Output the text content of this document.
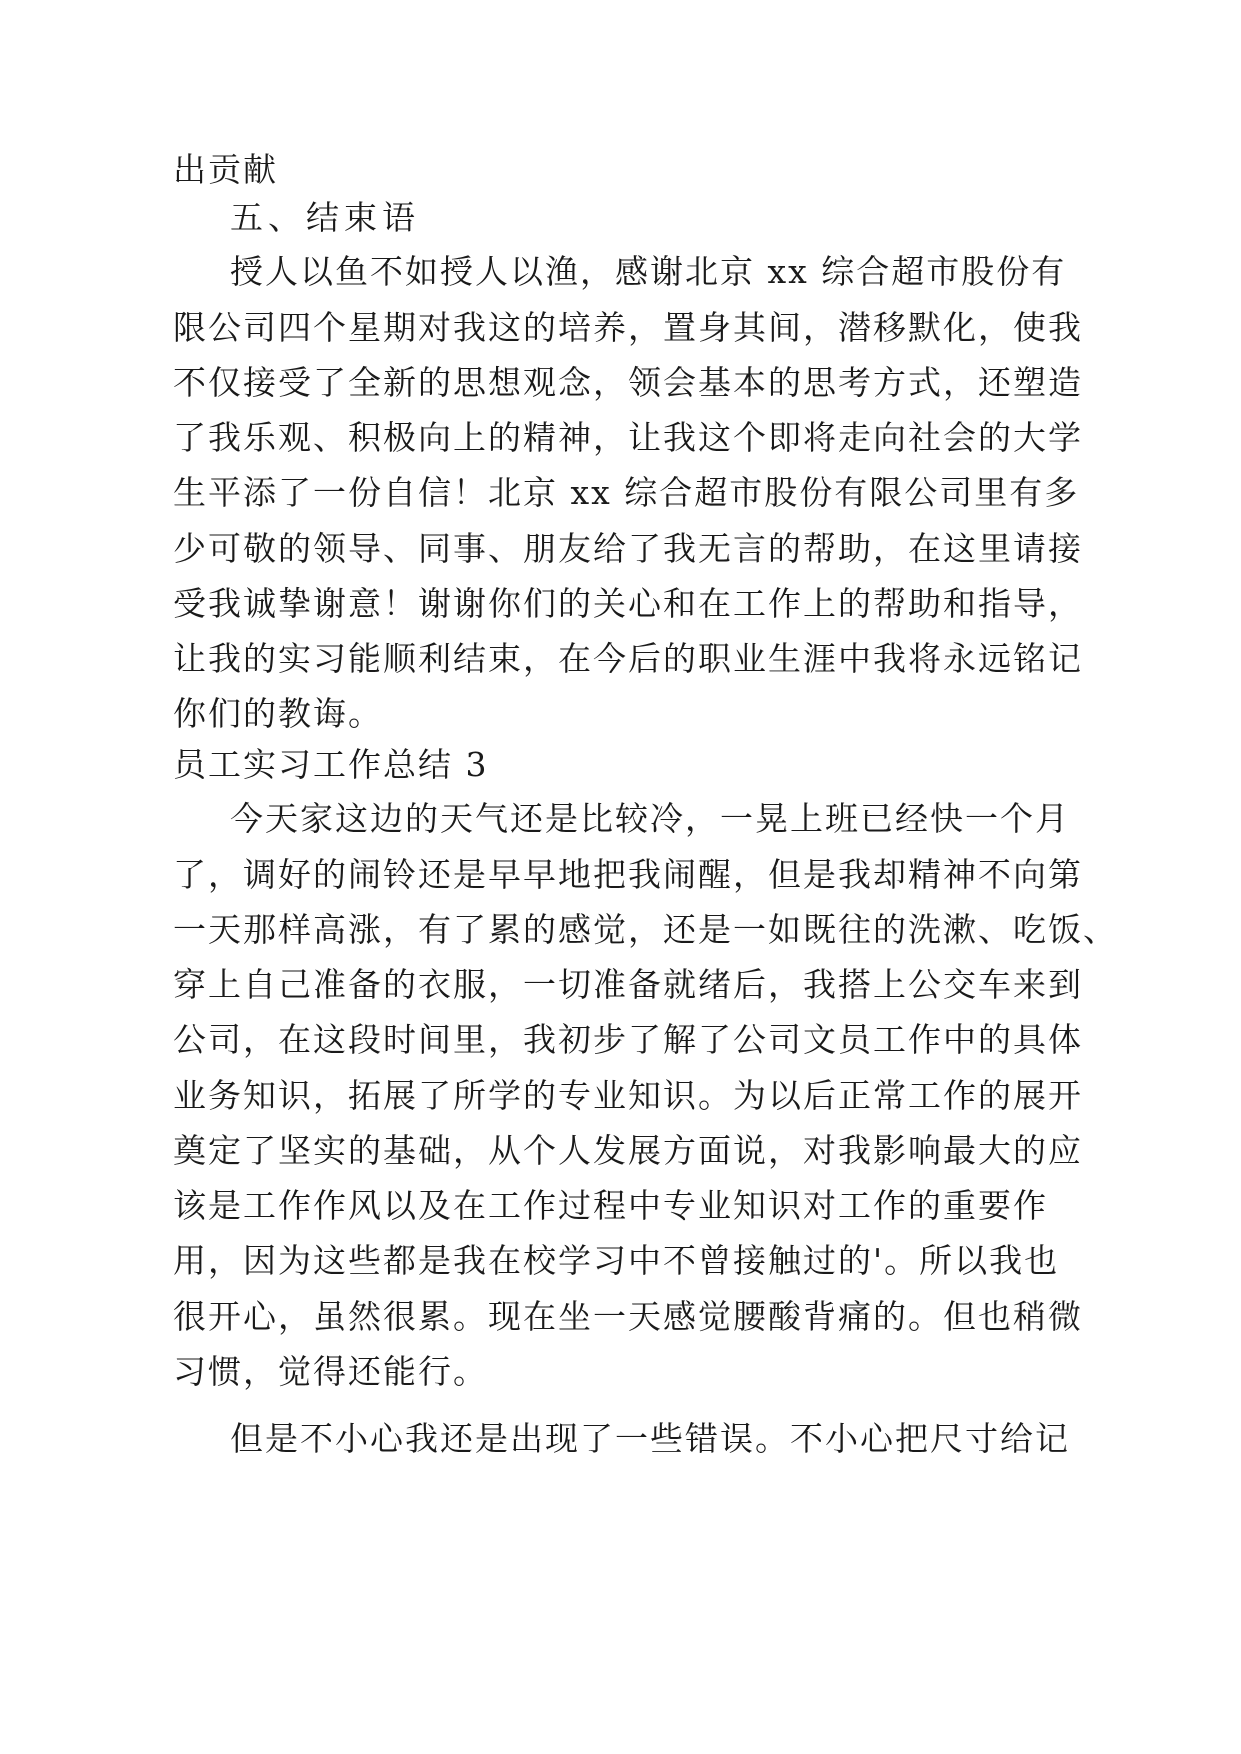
出贡献
五、结束语
授人以鱼不如授人以渔，感谢北京 xx 综合超市股份有
限公司四个星期对我这的培养，置身其间，潜移默化，使我
不仅接受了全新的思想观念，领会基本的思考方式，还塑造
了我乐观、积极向上的精神，让我这个即将走向社会的大学
生平添了一份自信！北京 xx 综合超市股份有限公司里有多
少可敬的领导、同事、朋友给了我无言的帮助，在这里请接
受我诚挚谢意！谢谢你们的关心和在工作上的帮助和指导，
让我的实习能顺利结束，在今后的职业生涯中我将永远铭记
你们的教诲。
员工实习工作总结 3
今天家这边的天气还是比较冷，一晃上班已经快一个月
了，调好的闹铃还是早早地把我闹醒，但是我却精神不向第
一天那样高涨，有了累的感觉，还是一如既往的洗漱、吃饭、
穿上自己准备的衣服，一切准备就绪后，我搭上公交车来到
公司，在这段时间里，我初步了解了公司文员工作中的具体
业务知识，拓展了所学的专业知识。为以后正常工作的展开
奠定了坚实的基础，从个人发展方面说，对我影响最大的应
该是工作作风以及在工作过程中专业知识对工作的重要作
用，因为这些都是我在校学习中不曾接触过的'。所以我也
很开心，虽然很累。现在坐一天感觉腰酸背痛的。但也稍微
习惯，觉得还能行。
但是不小心我还是出现了一些错误。不小心把尺寸给记
